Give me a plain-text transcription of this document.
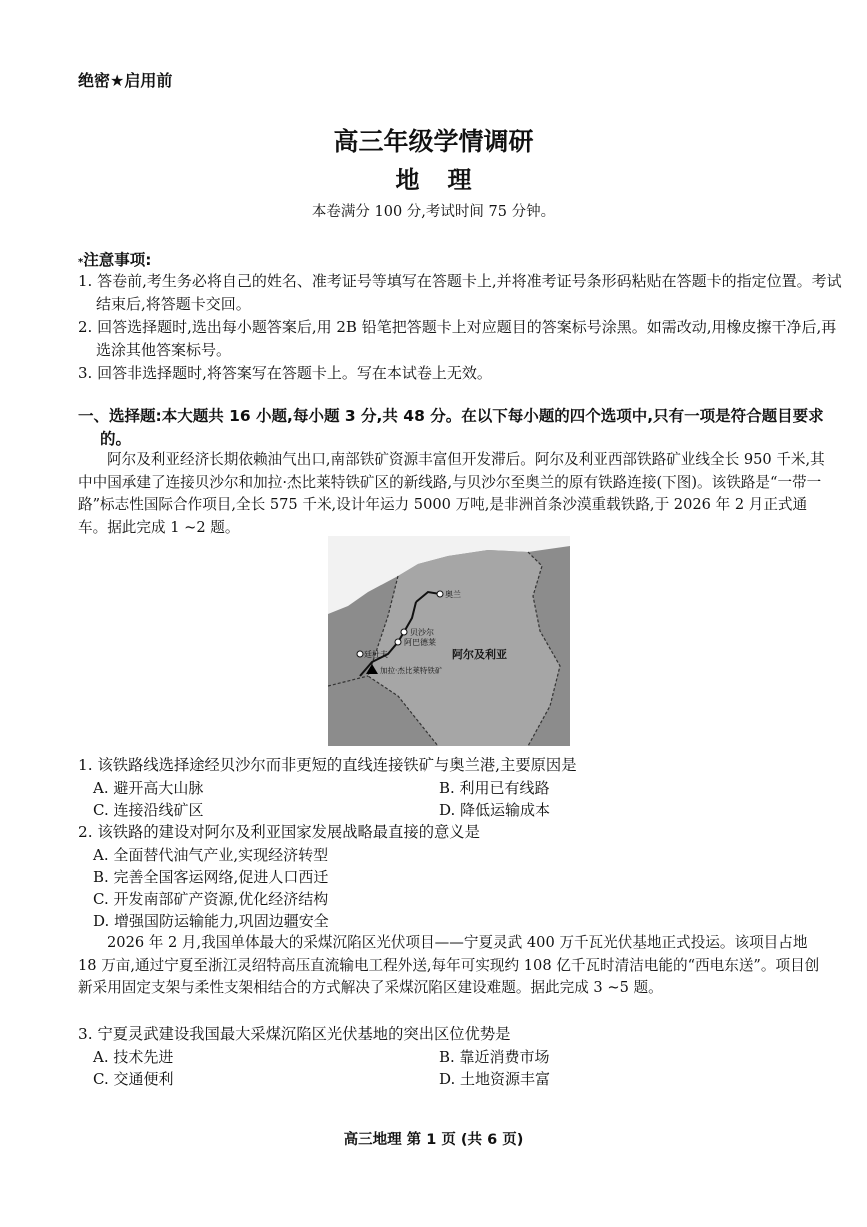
绝密★启用前
高三年级学情调研
地理
本卷满分 100 分,考试时间 75 分钟。
*注意事项:
1. 答卷前,考生务必将自己的姓名、准考证号等填写在答题卡上,并将准考证号条形码粘贴在答题卡的指定位置。考试结束后,将答题卡交回。
2. 回答选择题时,选出每小题答案后,用 2B 铅笔把答题卡上对应题目的答案标号涂黑。如需改动,用橡皮擦干净后,再选涂其他答案标号。
3. 回答非选择题时,将答案写在答题卡上。写在本试卷上无效。
一、选择题:本大题共 16 小题,每小题 3 分,共 48 分。在以下每小题的四个选项中,只有一项是符合题目要求的。
阿尔及利亚经济长期依赖油气出口,南部铁矿资源丰富但开发滞后。阿尔及利亚西部铁路矿业线全长 950 千米,其中中国承建了连接贝沙尔和加拉·杰比莱特铁矿区的新线路,与贝沙尔至奥兰的原有铁路连接(下图)。该铁路是“一带一路”标志性国际合作项目,全长 575 千米,设计年运力 5000 万吨,是非洲首条沙漠重载铁路,于 2026 年 2 月正式通车。据此完成 1 ~2 题。
奥兰
贝沙尔
阿巴德莱
廷杜夫
加拉·杰比莱特铁矿
阿尔及利亚
1. 该铁路线选择途经贝沙尔而非更短的直线连接铁矿与奥兰港,主要原因是
A. 避开高大山脉	B. 利用已有线路
C. 连接沿线矿区	D. 降低运输成本
2. 该铁路的建设对阿尔及利亚国家发展战略最直接的意义是
A. 全面替代油气产业,实现经济转型
B. 完善全国客运网络,促进人口西迁
C. 开发南部矿产资源,优化经济结构
D. 增强国防运输能力,巩固边疆安全
2026 年 2 月,我国单体最大的采煤沉陷区光伏项目——宁夏灵武 400 万千瓦光伏基地正式投运。该项目占地 18 万亩,通过宁夏至浙江灵绍特高压直流输电工程外送,每年可实现约 108 亿千瓦时清洁电能的“西电东送”。项目创新采用固定支架与柔性支架相结合的方式解决了采煤沉陷区建设难题。据此完成 3 ~5 题。
3. 宁夏灵武建设我国最大采煤沉陷区光伏基地的突出区位优势是
A. 技术先进	B. 靠近消费市场
C. 交通便利	D. 土地资源丰富
高三地理 第 1 页 (共 6 页)
